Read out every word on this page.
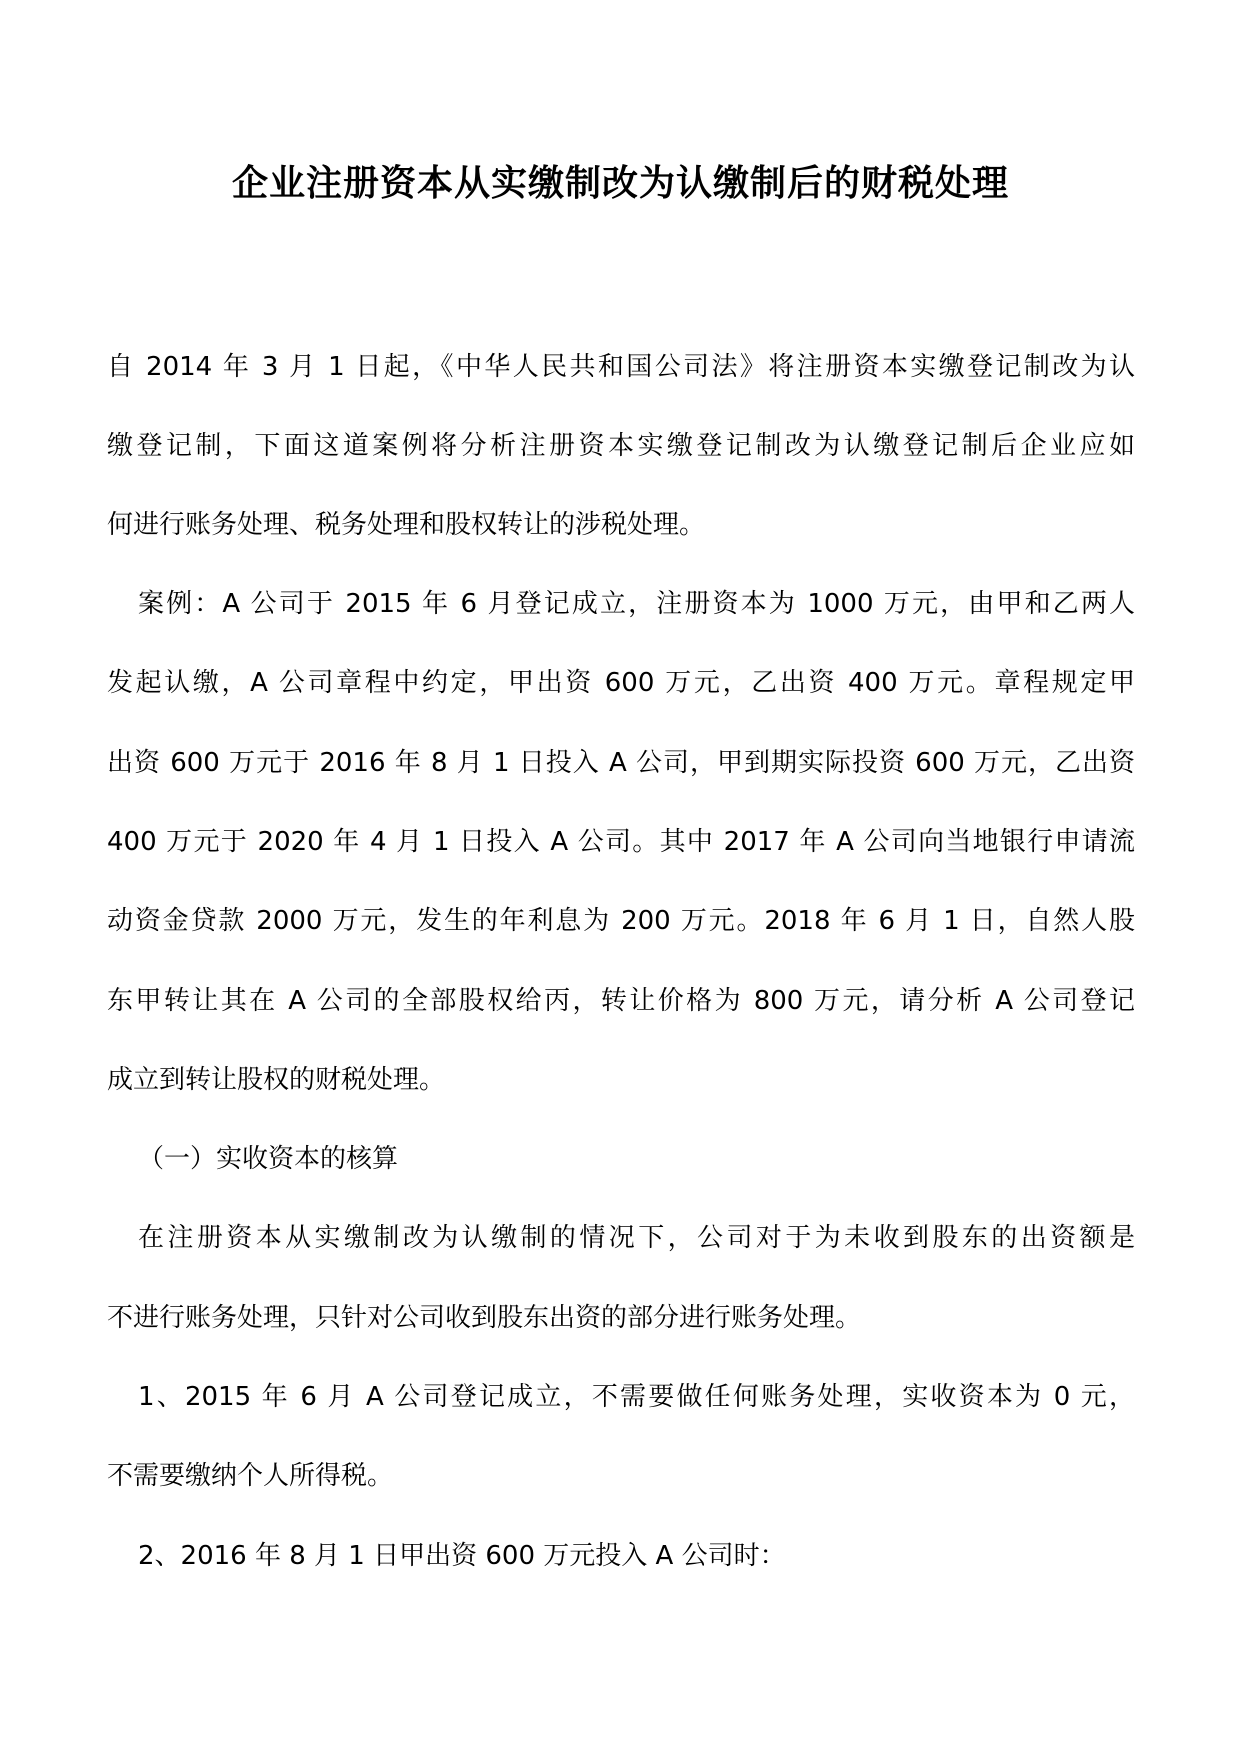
企业注册资本从实缴制改为认缴制后的财税处理
自 2014 年 3 月 1 日起，《中华人民共和国公司法》将注册资本实缴登记制改为认
缴登记制，下面这道案例将分析注册资本实缴登记制改为认缴登记制后企业应如
何进行账务处理、税务处理和股权转让的涉税处理。
案例：A 公司于 2015 年 6 月登记成立，注册资本为 1000 万元，由甲和乙两人
发起认缴，A 公司章程中约定，甲出资 600 万元，乙出资 400 万元。章程规定甲
出资 600 万元于 2016 年 8 月 1 日投入 A 公司，甲到期实际投资 600 万元，乙出资
400 万元于 2020 年 4 月 1 日投入 A 公司。其中 2017 年 A 公司向当地银行申请流
动资金贷款 2000 万元，发生的年利息为 200 万元。2018 年 6 月 1 日，自然人股
东甲转让其在 A 公司的全部股权给丙，转让价格为 800 万元，请分析 A 公司登记
成立到转让股权的财税处理。
（一）实收资本的核算
在注册资本从实缴制改为认缴制的情况下，公司对于为未收到股东的出资额是
不进行账务处理，只针对公司收到股东出资的部分进行账务处理。
1、2015 年 6 月 A 公司登记成立，不需要做任何账务处理，实收资本为 0 元，
不需要缴纳个人所得税。
2、2016 年 8 月 1 日甲出资 600 万元投入 A 公司时：
